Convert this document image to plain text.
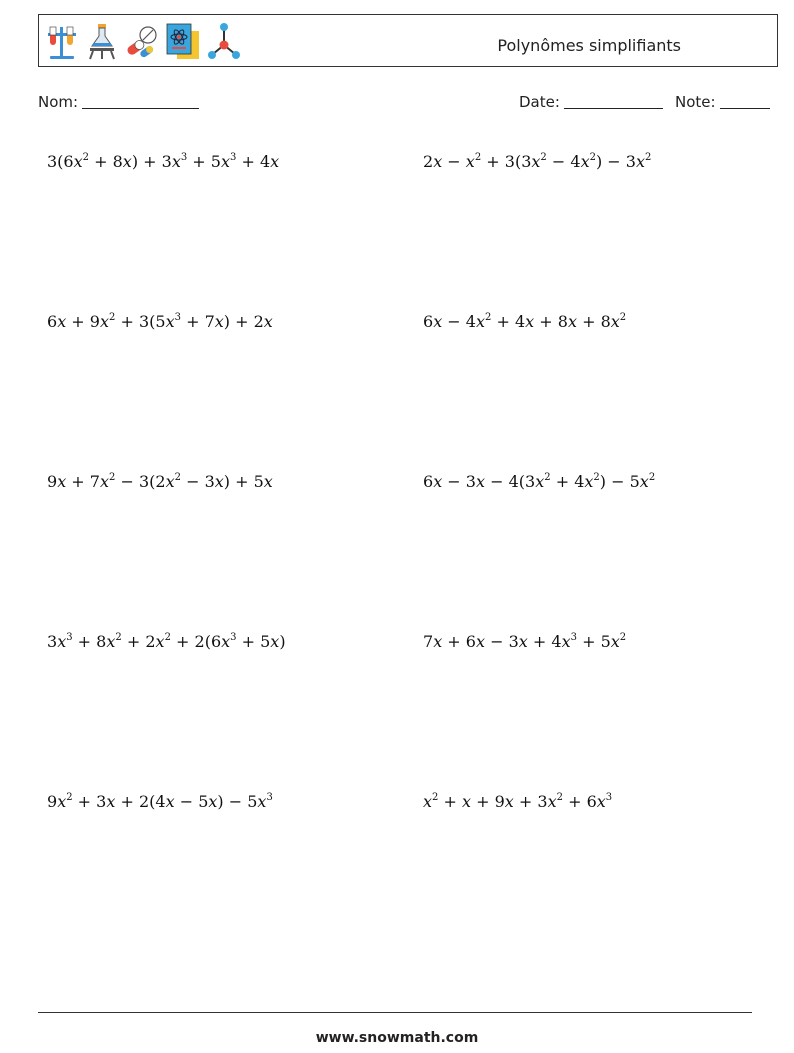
Polynômes simplifiants
Nom:	Date:	Note:
$3(6x^2 + 8x) + 3x^3 + 5x^3 + 4x$	$2x - x^2 + 3(3x^2 - 4x^2) - 3x^2$
$6x + 9x^2 + 3(5x^3 + 7x) + 2x$	$6x - 4x^2 + 4x + 8x + 8x^2$
$9x + 7x^2 - 3(2x^2 - 3x) + 5x$	$6x - 3x - 4(3x^2 + 4x^2) - 5x^2$
$3x^3 + 8x^2 + 2x^2 + 2(6x^3 + 5x)$	$7x + 6x - 3x + 4x^3 + 5x^2$
$9x^2 + 3x + 2(4x - 5x) - 5x^3$	$x^2 + x + 9x + 3x^2 + 6x^3$
www.snowmath.com
